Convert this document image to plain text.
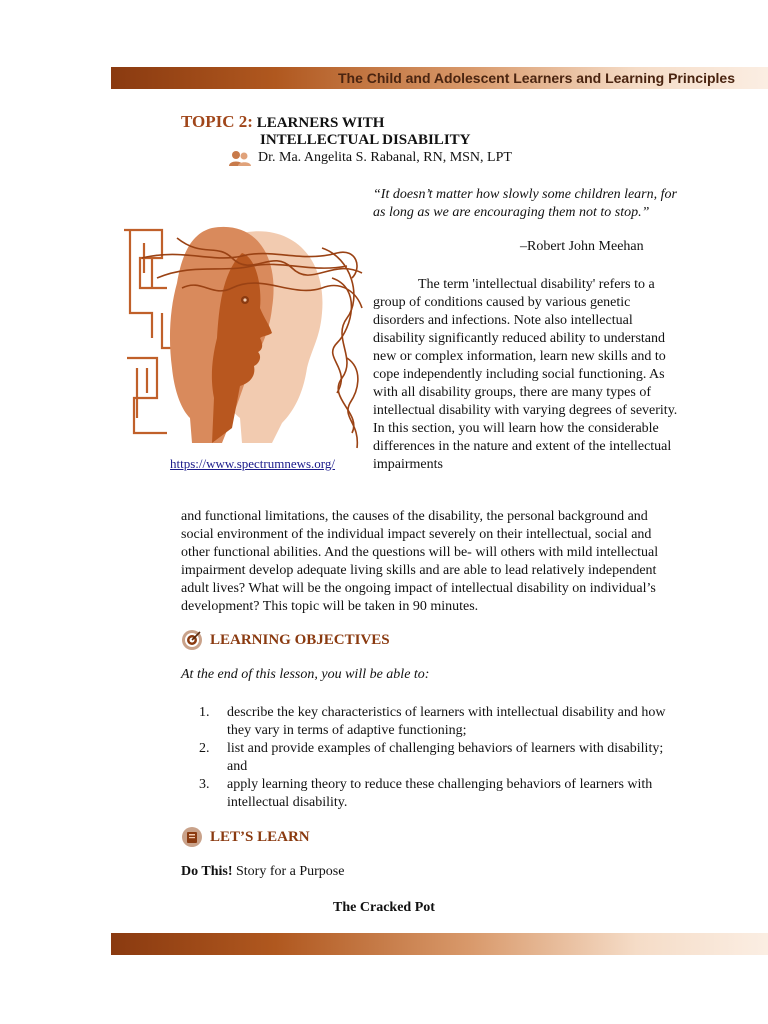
The Child and Adolescent Learners and Learning Principles
TOPIC 2: LEARNERS WITH
INTELLECTUAL DISABILITY
Dr. Ma. Angelita S. Rabanal, RN, MSN, LPT
“It doesn’t matter how slowly some children learn, for as long as we are encouraging them not to stop.”
–Robert John Meehan

The term 'intellectual disability' refers to a group of conditions caused by various genetic disorders and infections. Note also intellectual disability significantly reduced ability to understand new or complex information, learn new skills and to cope independently including social functioning. As with all disability groups, there are many types of intellectual disability with varying degrees of severity. In this section, you will learn how the considerable differences in the nature and extent of the intellectual impairments

https://www.spectrumnews.org/

and functional limitations, the causes of the disability, the personal background and social environment of the individual impact severely on their intellectual, social and other functional abilities. And the questions will be- will others with mild intellectual impairment develop adequate living skills and are able to lead relatively independent adult lives? What will be the ongoing impact of intellectual disability on individual’s development? This topic will be taken in 90 minutes.

LEARNING OBJECTIVES
At the end of this lesson, you will be able to:
1.	describe the key characteristics of learners with intellectual disability and how they vary in terms of adaptive functioning;
2.	list and provide examples of challenging behaviors of learners with disability; and
3.	apply learning theory to reduce these challenging behaviors of learners with intellectual disability.
LET’S LEARN
Do This! Story for a Purpose
The Cracked Pot
